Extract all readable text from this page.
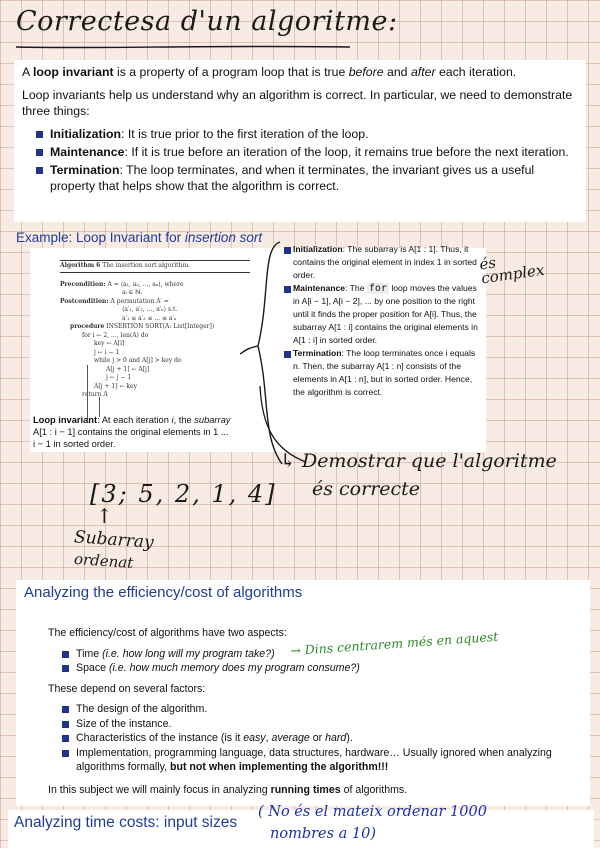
Correctesa d'un algoritme:

A loop invariant is a property of a program loop that is true before and after each iteration.

Loop invariants help us understand why an algorithm is correct. In particular, we need to demonstrate three things:

Initialization: It is true prior to the first iteration of the loop.
Maintenance: If it is true before an iteration of the loop, it remains true before the next iteration.
Termination: The loop terminates, and when it terminates, the invariant gives us a useful property that helps show that the algorithm is correct.
Example: Loop Invariant for insertion sort
Algorithm 6 The insertion sort algorithm.
Precondition: A = ⟨a₁, a₂, ..., aₙ⟩, where
aᵢ ∈ ℕ.
Postcondition: A permutation A′ =
⟨a′₁, a′₂, ..., a′ₙ⟩ s.t.
a′₁ ≤ a′₂ ≤ ... ≤ a′ₙ
procedure INSERTION SORT(A: List[Integer])
for i ← 2, ..., len(A) do
key ← A[i]
j ← i − 1
while j > 0 and A[j] > key do
A[j + 1] ← A[j]
j ← j − 1
A[j + 1] ← key
return A
Loop invariant: At each iteration i, the subarray A[1 : i − 1] contains the original elements in 1 ... i − 1 in sorted order.
Initialization: The subarray is A[1 : 1]. Thus, it contains the original element in index 1 in sorted order.
Maintenance: The for loop moves the values in A[i − 1], A[i − 2], ... by one position to the right until it finds the proper position for A[i]. Thus, the subarray A[1 : i] contains the original elements in A[1 : i] in sorted order.
Termination: The loop terminates once i equals n. Then, the subarray A[1 : n] consists of the elements in A[1 : n], but in sorted order. Hence, the algorithm is correct.
és complex
↳ Demostrar que l'algoritme
és correcte
[3; 5, 2, 1, 4]
↑
Subarray
ordenat
Analyzing the efficiency/cost of algorithms

The efficiency/cost of algorithms have two aspects:

Time (i.e. how long will my program take?)
Space (i.e. how much memory does my program consume?)

These depend on several factors:

The design of the algorithm.
Size of the instance.
Characteristics of the instance (is it easy, average or hard).
Implementation, programming language, data structures, hardware… Usually ignored when analyzing algorithms formally, but not when implementing the algorithm!!!

In this subject we will mainly focus in analyzing running times of algorithms.

→ Dins centrarem més en aquest
Analyzing time costs: input sizes
( No és el mateix ordenar 1000
nombres a 10)
